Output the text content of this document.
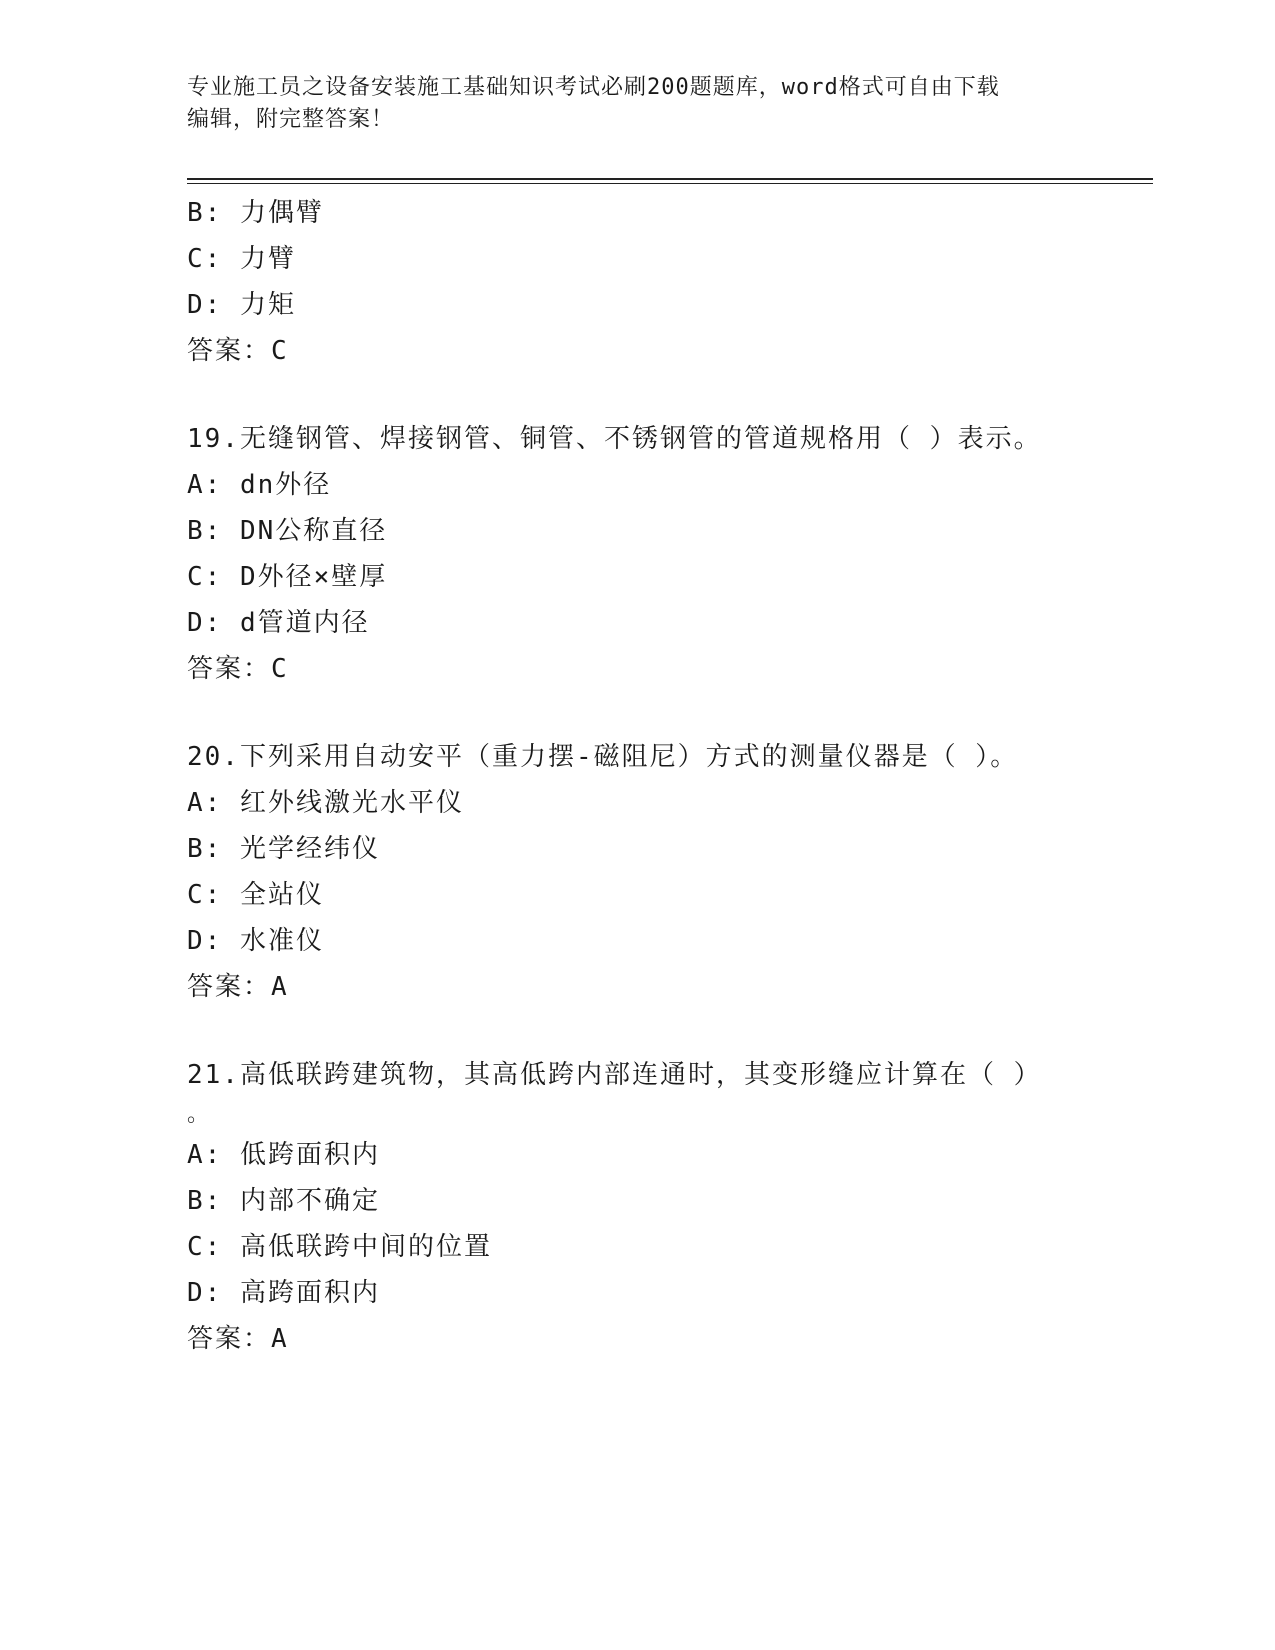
专业施工员之设备安装施工基础知识考试必刷200题题库，word格式可自由下载
编辑，附完整答案！
B: 力偶臂
C: 力臂
D: 力矩
答案：C
19.无缝钢管、焊接钢管、铜管、不锈钢管的管道规格用（ ）表示。
A: dn外径
B: DN公称直径
C: D外径×壁厚
D: d管道内径
答案：C
20.下列采用自动安平（重力摆-磁阻尼）方式的测量仪器是（ ）。
A: 红外线激光水平仪
B: 光学经纬仪
C: 全站仪
D: 水准仪
答案：A
21.高低联跨建筑物，其高低跨内部连通时，其变形缝应计算在（ ）
。
A: 低跨面积内
B: 内部不确定
C: 高低联跨中间的位置
D: 高跨面积内
答案：A
